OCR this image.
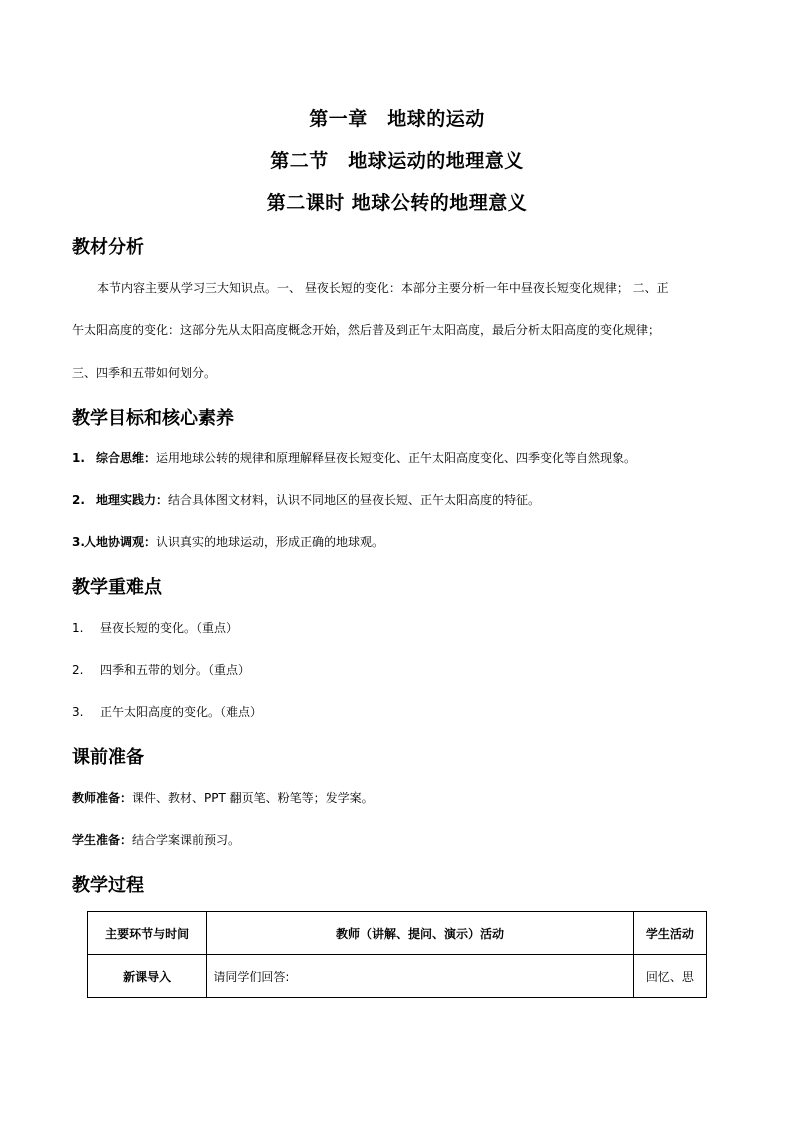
第一章　地球的运动
第二节　地球运动的地理意义
第二课时 地球公转的地理意义
教材分析
本节内容主要从学习三大知识点。一、 昼夜长短的变化：本部分主要分析一年中昼夜长短变化规律； 二、正
午太阳高度的变化：这部分先从太阳高度概念开始，然后普及到正午太阳高度，最后分析太阳高度的变化规律；
三、四季和五带如何划分。
教学目标和核心素养
1. 综合思维：运用地球公转的规律和原理解释昼夜长短变化、正午太阳高度变化、四季变化等自然现象。
2. 地理实践力：结合具体图文材料，认识不同地区的昼夜长短、正午太阳高度的特征。
3.人地协调观：认识真实的地球运动，形成正确的地球观。
教学重难点
1. 昼夜长短的变化。（重点）
2. 四季和五带的划分。（重点）
3. 正午太阳高度的变化。（难点）
课前准备
教师准备：课件、教材、PPT 翻页笔、粉笔等；发学案。
学生准备：结合学案课前预习。
教学过程
主要环节与时间	教师（讲解、提问、演示）活动	学生活动
新课导入	请同学们回答:	回忆、思
